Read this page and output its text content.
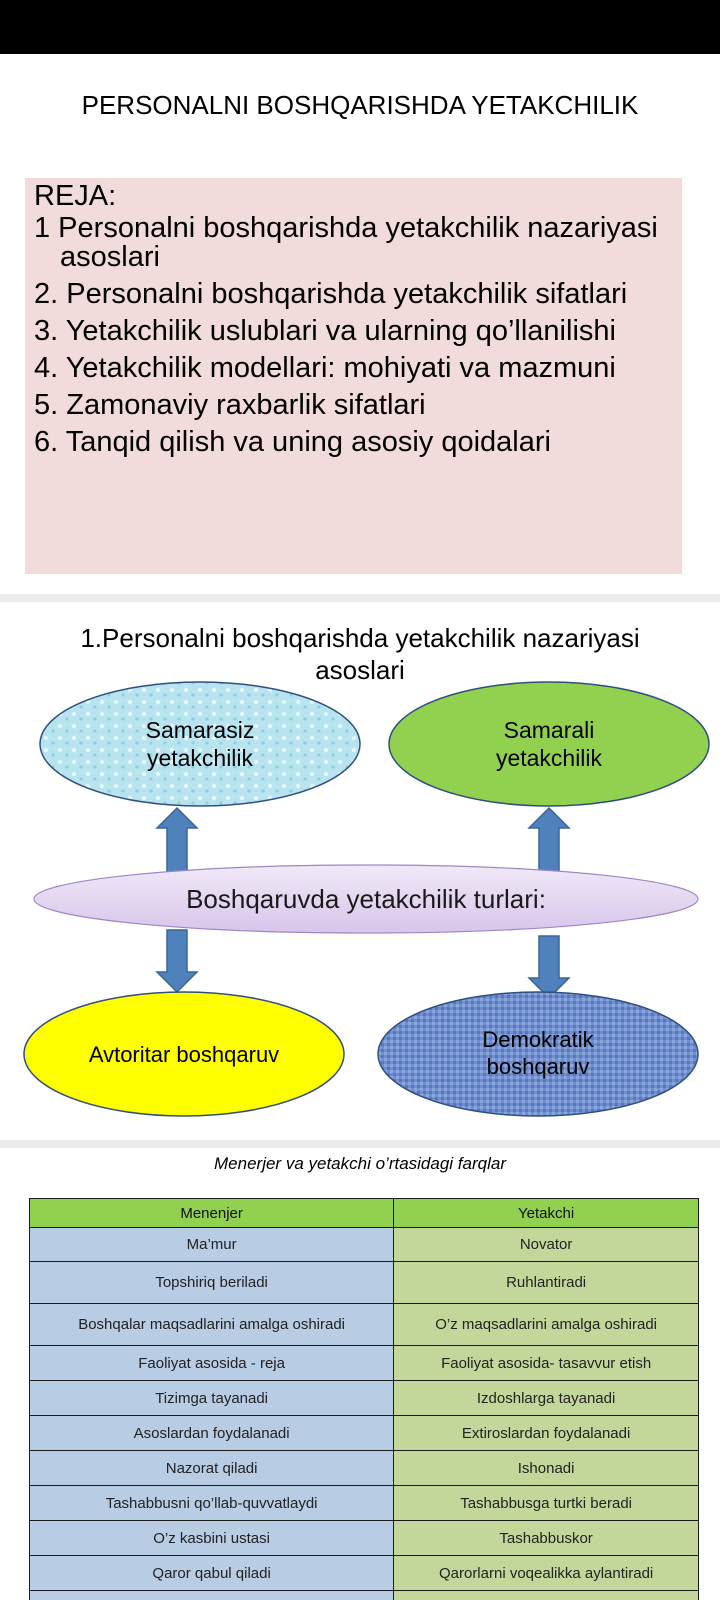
PERSONALNI BOSHQARISHDA YETAKCHILIK
REJA:
1 Personalni boshqarishda yetakchilik nazariyasi asoslari
2. Personalni boshqarishda yetakchilik sifatlari
3. Yetakchilik uslublari va ularning qo’llanilishi
4. Yetakchilik modellari: mohiyati va mazmuni
5. Zamonaviy raxbarlik sifatlari
6. Tanqid qilish va uning asosiy qoidalari
Samarasiz
yetakchilik
Samarali
yetakchilik
Boshqaruvda yetakchilik turlari:
Avtoritar boshqaruv
Demokratik
boshqaruv
1.Personalni boshqarishda yetakchilik nazariyasi asoslari
Menerjer va yetakchi o’rtasidagi farqlar
Menenjer	Yetakchi
Ma’mur	Novator
Topshiriq beriladi	Ruhlantiradi
Boshqalar maqsadlarini amalga oshiradi	O’z maqsadlarini amalga oshiradi
Faoliyat asosida - reja	Faoliyat asosida- tasavvur etish
Tizimga tayanadi	Izdoshlarga tayanadi
Asoslardan foydalanadi	Extiroslardan foydalanadi
Nazorat qiladi	Ishonadi
Tashabbusni qo’llab-quvvatlaydi	Tashabbusga turtki beradi
O’z kasbini ustasi	Tashabbuskor
Qaror qabul qiladi	Qarorlarni voqealikka aylantiradi
